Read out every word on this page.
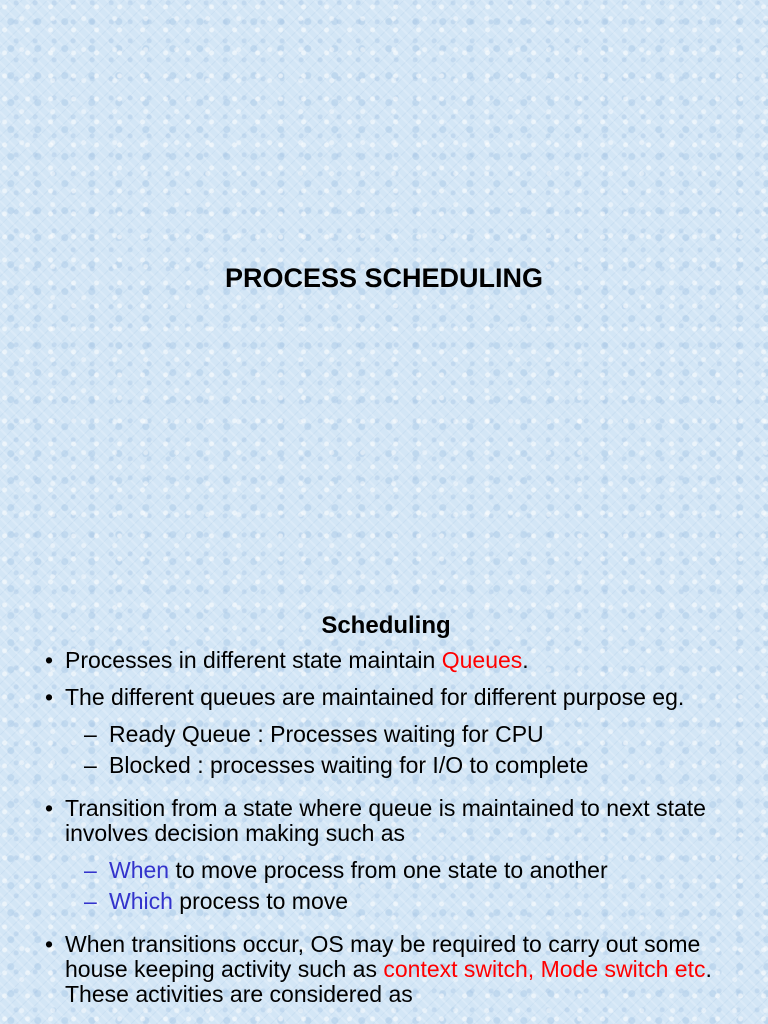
PROCESS SCHEDULING
Scheduling
• Processes in different state maintain Queues.
• The different queues are maintained for different purpose eg.
– Ready Queue : Processes waiting for CPU
– Blocked : processes waiting for I/O to complete
• Transition from a state where queue is maintained to next state involves decision making such as
– When to move process from one state to another
– Which process to move
• When transitions occur, OS may be required to carry out some house keeping activity such as context switch, Mode switch etc. These activities are considered as
